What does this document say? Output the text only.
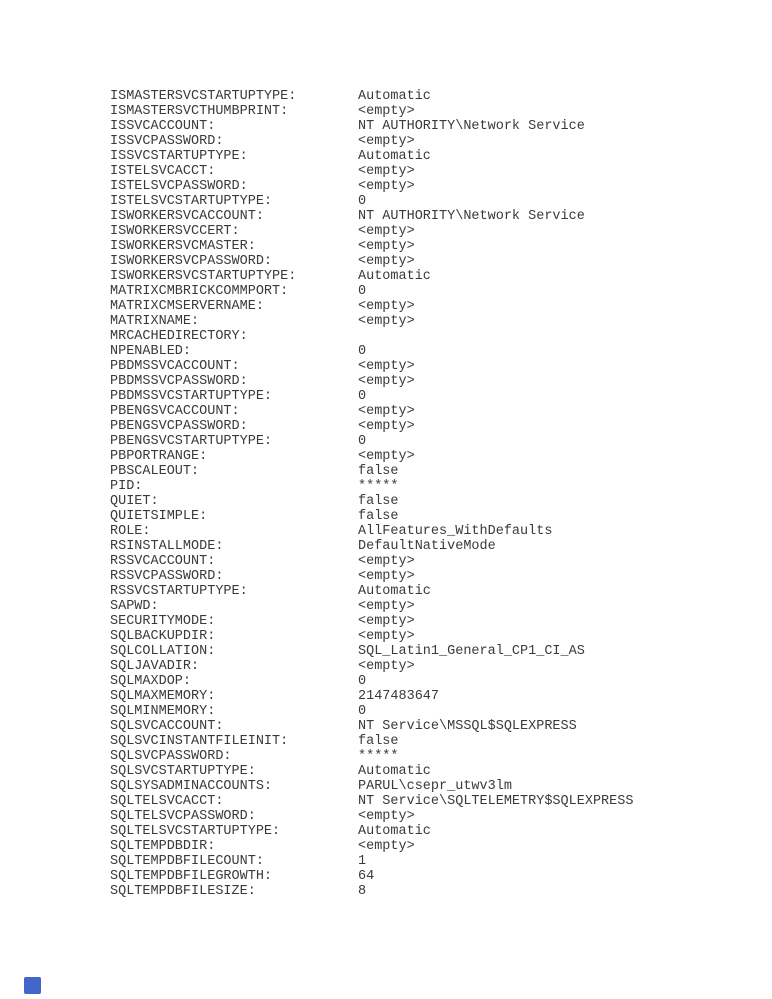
ISMASTERSVCSTARTUPTYPE:	Automatic
ISMASTERSVCTHUMBPRINT:	<empty>
ISSVCACCOUNT:	NT AUTHORITY\Network Service
ISSVCPASSWORD:	<empty>
ISSVCSTARTUPTYPE:	Automatic
ISTELSVCACCT:	<empty>
ISTELSVCPASSWORD:	<empty>
ISTELSVCSTARTUPTYPE:	0
ISWORKERSVCACCOUNT:	NT AUTHORITY\Network Service
ISWORKERSVCCERT:	<empty>
ISWORKERSVCMASTER:	<empty>
ISWORKERSVCPASSWORD:	<empty>
ISWORKERSVCSTARTUPTYPE:	Automatic
MATRIXCMBRICKCOMMPORT:	0
MATRIXCMSERVERNAME:	<empty>
MATRIXNAME:	<empty>
MRCACHEDIRECTORY:
NPENABLED:	0
PBDMSSVCACCOUNT:	<empty>
PBDMSSVCPASSWORD:	<empty>
PBDMSSVCSTARTUPTYPE:	0
PBENGSVCACCOUNT:	<empty>
PBENGSVCPASSWORD:	<empty>
PBENGSVCSTARTUPTYPE:	0
PBPORTRANGE:	<empty>
PBSCALEOUT:	false
PID:	*****
QUIET:	false
QUIETSIMPLE:	false
ROLE:	AllFeatures_WithDefaults
RSINSTALLMODE:	DefaultNativeMode
RSSVCACCOUNT:	<empty>
RSSVCPASSWORD:	<empty>
RSSVCSTARTUPTYPE:	Automatic
SAPWD:	<empty>
SECURITYMODE:	<empty>
SQLBACKUPDIR:	<empty>
SQLCOLLATION:	SQL_Latin1_General_CP1_CI_AS
SQLJAVADIR:	<empty>
SQLMAXDOP:	0
SQLMAXMEMORY:	2147483647
SQLMINMEMORY:	0
SQLSVCACCOUNT:	NT Service\MSSQL$SQLEXPRESS
SQLSVCINSTANTFILEINIT:	false
SQLSVCPASSWORD:	*****
SQLSVCSTARTUPTYPE:	Automatic
SQLSYSADMINACCOUNTS:	PARUL\csepr_utwv3lm
SQLTELSVCACCT:	NT Service\SQLTELEMETRY$SQLEXPRESS
SQLTELSVCPASSWORD:	<empty>
SQLTELSVCSTARTUPTYPE:	Automatic
SQLTEMPDBDIR:	<empty>
SQLTEMPDBFILECOUNT:	1
SQLTEMPDBFILEGROWTH:	64
SQLTEMPDBFILESIZE:	8
